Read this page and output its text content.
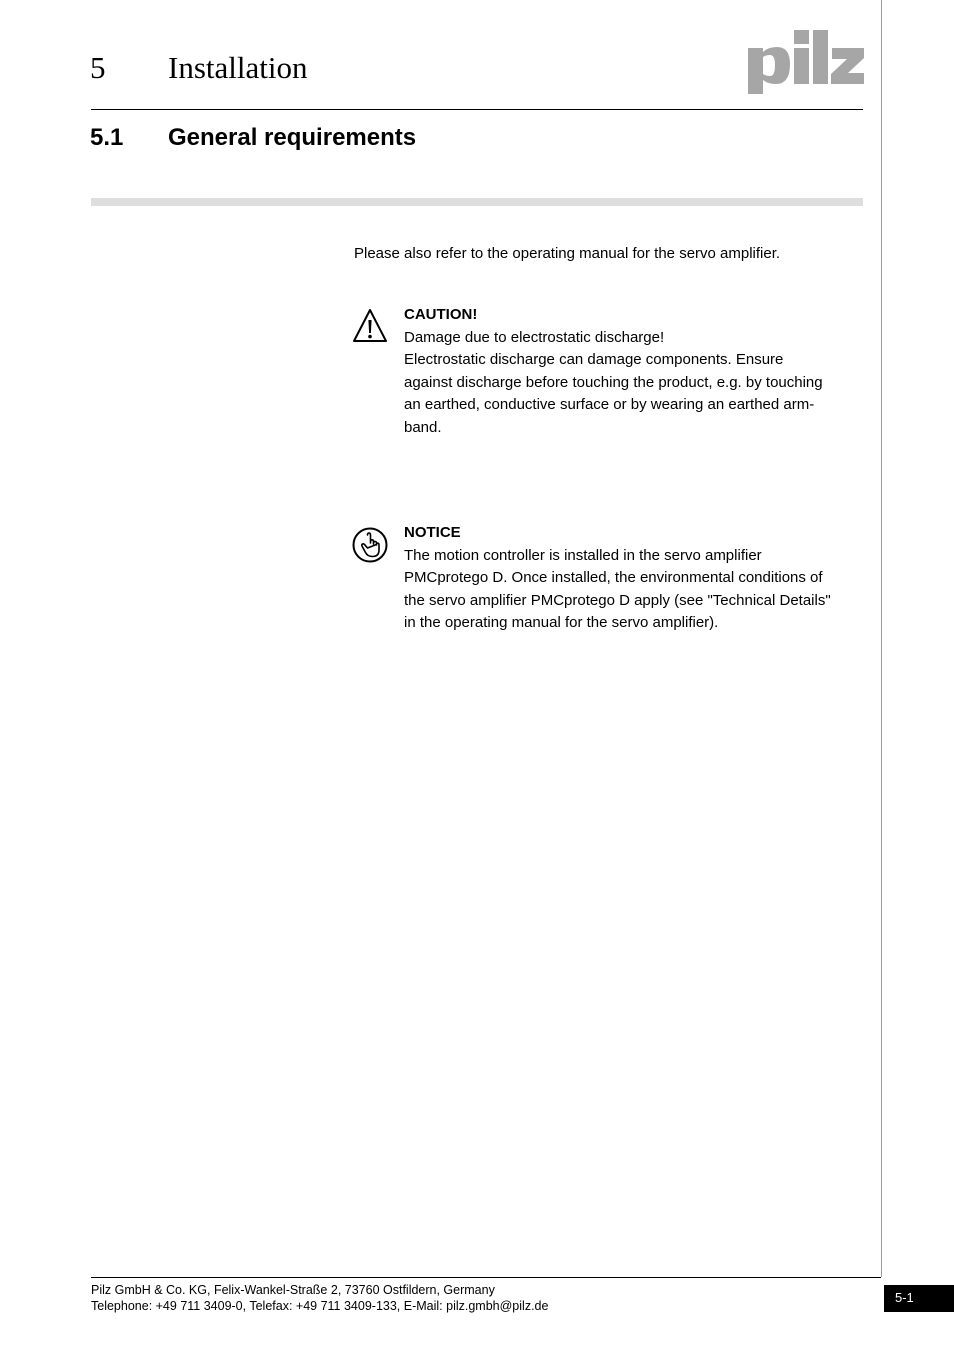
5 Installation
5.1 General requirements
Please also refer to the operating manual for the servo amplifier.
CAUTION!
Damage due to electrostatic discharge!
Electrostatic discharge can damage components. Ensure
against discharge before touching the product, e.g. by touching
an earthed, conductive surface or by wearing an earthed arm-
band.
NOTICE
The motion controller is installed in the servo amplifier
PMCprotego D. Once installed, the environmental conditions of
the servo amplifier PMCprotego D apply (see "Technical Details"
in the operating manual for the servo amplifier).
Pilz GmbH & Co. KG, Felix-Wankel-Straße 2, 73760 Ostfildern, Germany
Telephone: +49 711 3409-0, Telefax: +49 711 3409-133, E-Mail: pilz.gmbh@pilz.de
5-1
